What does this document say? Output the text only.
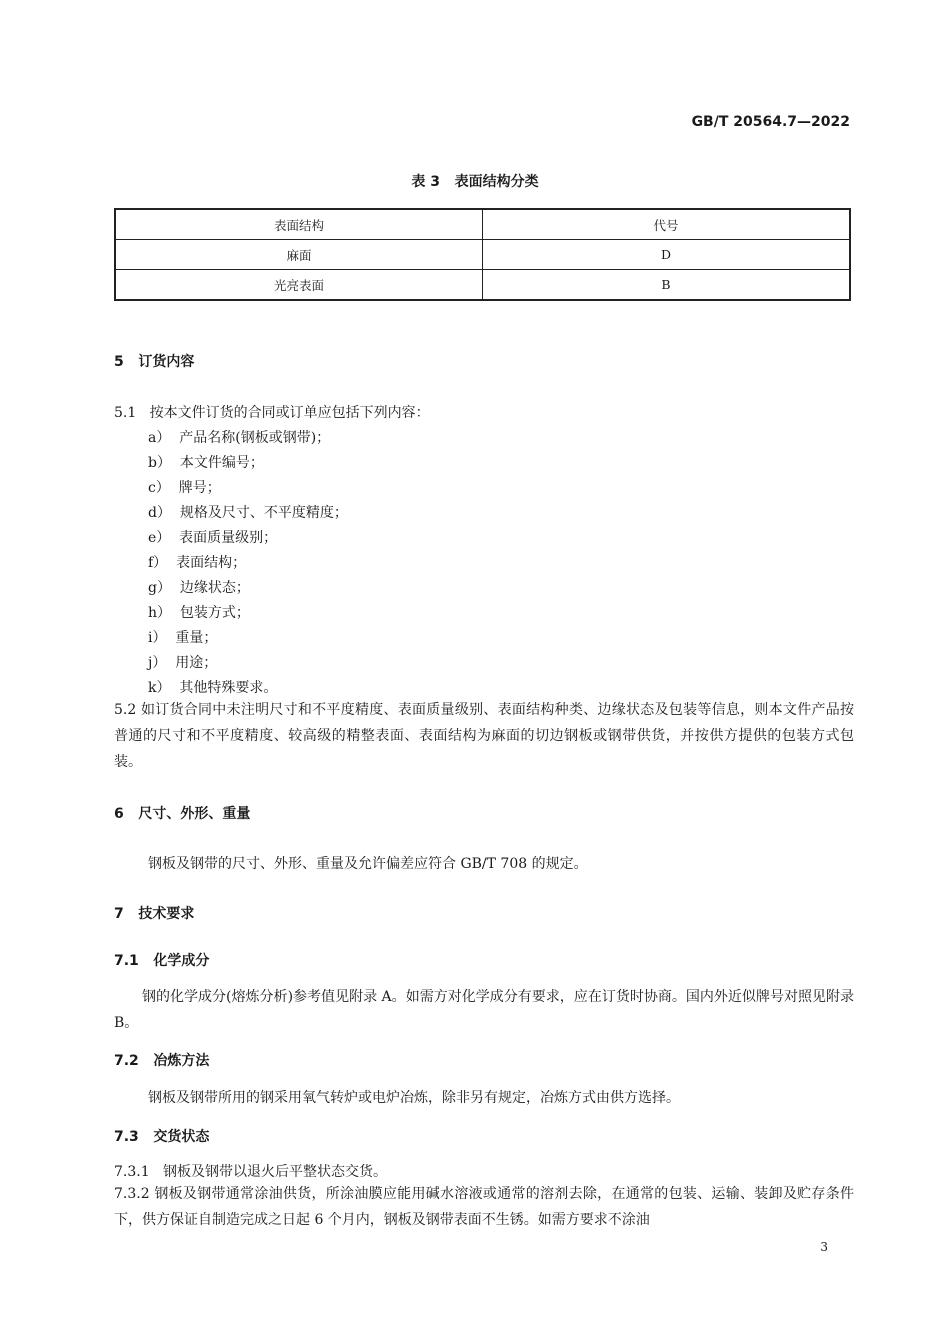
GB/T 20564.7—2022
表 3   表面结构分类
表面结构	代号
麻面	D
光亮表面	B
5   订货内容
5.1   按本文件订货的合同或订单应包括下列内容：
a）  产品名称(钢板或钢带)；
b）  本文件编号；
c）  牌号；
d）  规格及尺寸、不平度精度；
e）  表面质量级别；
f）  表面结构；
g）  边缘状态；
h）  包装方式；
i）  重量；
j）  用途；
k）  其他特殊要求。
5.2 如订货合同中未注明尺寸和不平度精度、表面质量级别、表面结构种类、边缘状态及包装等信息，则本文件产品按普通的尺寸和不平度精度、较高级的精整表面、表面结构为麻面的切边钢板或钢带供货，并按供方提供的包装方式包装。
6   尺寸、外形、重量
钢板及钢带的尺寸、外形、重量及允许偏差应符合 GB/T 708 的规定。
7   技术要求
7.1   化学成分
钢的化学成分(熔炼分析)参考值见附录 A。如需方对化学成分有要求，应在订货时协商。国内外近似牌号对照见附录 B。
7.2   冶炼方法
钢板及钢带所用的钢采用氧气转炉或电炉冶炼，除非另有规定，冶炼方式由供方选择。
7.3   交货状态
7.3.1   钢板及钢带以退火后平整状态交货。
7.3.2 钢板及钢带通常涂油供货，所涂油膜应能用碱水溶液或通常的溶剂去除，在通常的包装、运输、装卸及贮存条件下，供方保证自制造完成之日起 6 个月内，钢板及钢带表面不生锈。如需方要求不涂油
3
